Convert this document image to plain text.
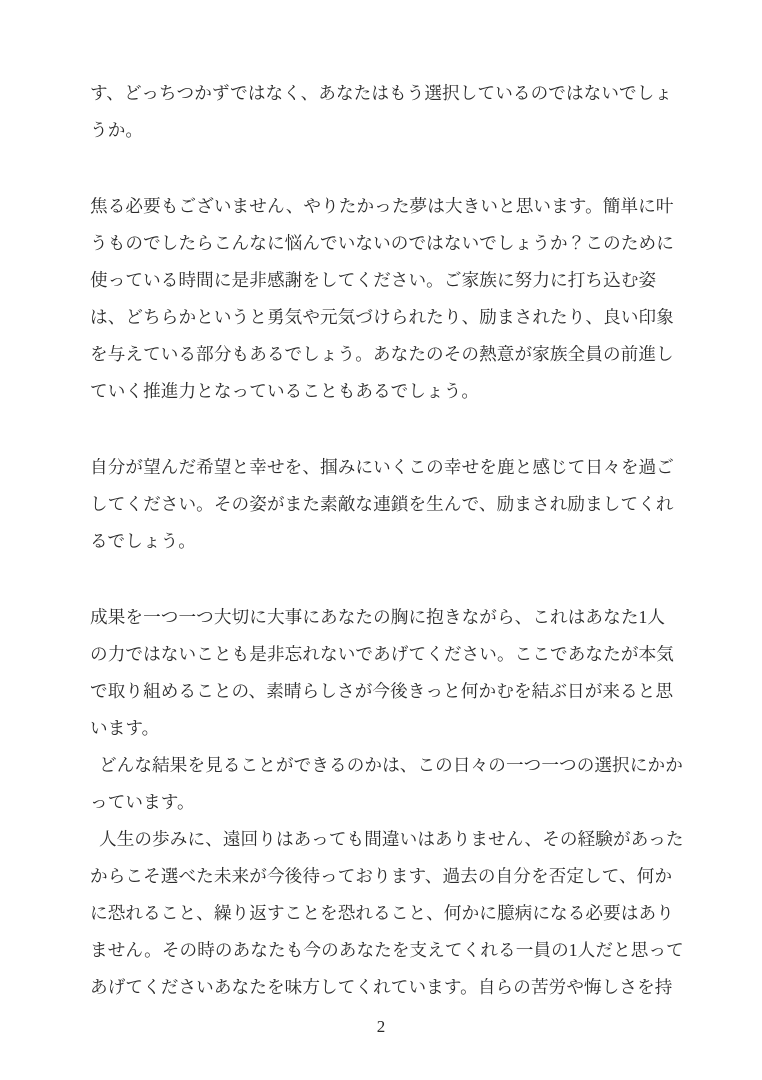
す、どっちつかずではなく、あなたはもう選択しているのではないでしょ
うか。
焦る必要もございません、やりたかった夢は大きいと思います。簡単に叶
うものでしたらこんなに悩んでいないのではないでしょうか？このために
使っている時間に是非感謝をしてください。ご家族に努力に打ち込む姿
は、どちらかというと勇気や元気づけられたり、励まされたり、良い印象
を与えている部分もあるでしょう。あなたのその熱意が家族全員の前進し
ていく推進力となっていることもあるでしょう。
自分が望んだ希望と幸せを、掴みにいくこの幸せを鹿と感じて日々を過ご
してください。その姿がまた素敵な連鎖を生んで、励まされ励ましてくれ
るでしょう。
成果を一つ一つ大切に大事にあなたの胸に抱きながら、これはあなた1人
の力ではないことも是非忘れないであげてください。ここであなたが本気
で取り組めることの、素晴らしさが今後きっと何かむを結ぶ日が来ると思
います。
どんな結果を見ることができるのかは、この日々の一つ一つの選択にかか
っています。
人生の歩みに、遠回りはあっても間違いはありません、その経験があった
からこそ選べた未来が今後待っております、過去の自分を否定して、何か
に恐れること、繰り返すことを恐れること、何かに臆病になる必要はあり
ません。その時のあなたも今のあなたを支えてくれる一員の1人だと思って
あげてくださいあなたを味方してくれています。自らの苦労や悔しさを持
2
